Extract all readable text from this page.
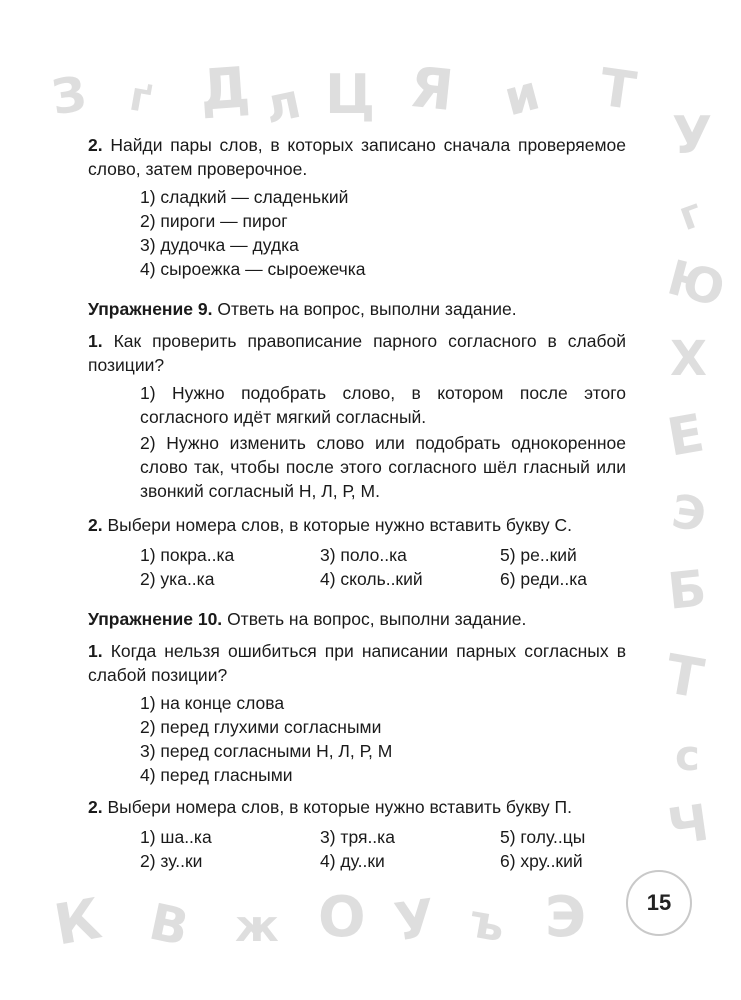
З ґ Д л Ц Я и Т
У
г
Ю
Х
Е
Э
Б
Т
с
Ч
К В ж О У ъ Э

2. Найди пары слов, в которых записано сначала проверяемое слово, затем проверочное.

1) сладкий — сладенький
2) пироги — пирог
3) дудочка — дудка
4) сыроежка — сыроежечка

Упражнение 9. Ответь на вопрос, выполни задание.

1. Как проверить правописание парного согласного в слабой позиции?

1) Нужно подобрать слово, в котором после этого согласного идёт мягкий согласный.
2) Нужно изменить слово или подобрать однокоренное слово так, чтобы после этого согласного шёл гласный или звонкий согласный Н, Л, Р, М.

2. Выбери номера слов, в которые нужно вставить букву С.

1) покра..ка	3) поло..ка	5) ре..кий
2) ука..ка	4) сколь..кий	6) реди..ка

Упражнение 10. Ответь на вопрос, выполни задание.

1. Когда нельзя ошибиться при написании парных согласных в слабой позиции?

1) на конце слова
2) перед глухими согласными
3) перед согласными Н, Л, Р, М
4) перед гласными

2. Выбери номера слов, в которые нужно вставить букву П.

1) ша..ка	3) тря..ка	5) голу..цы
2) зу..ки	4) ду..ки	6) хру..кий
15
